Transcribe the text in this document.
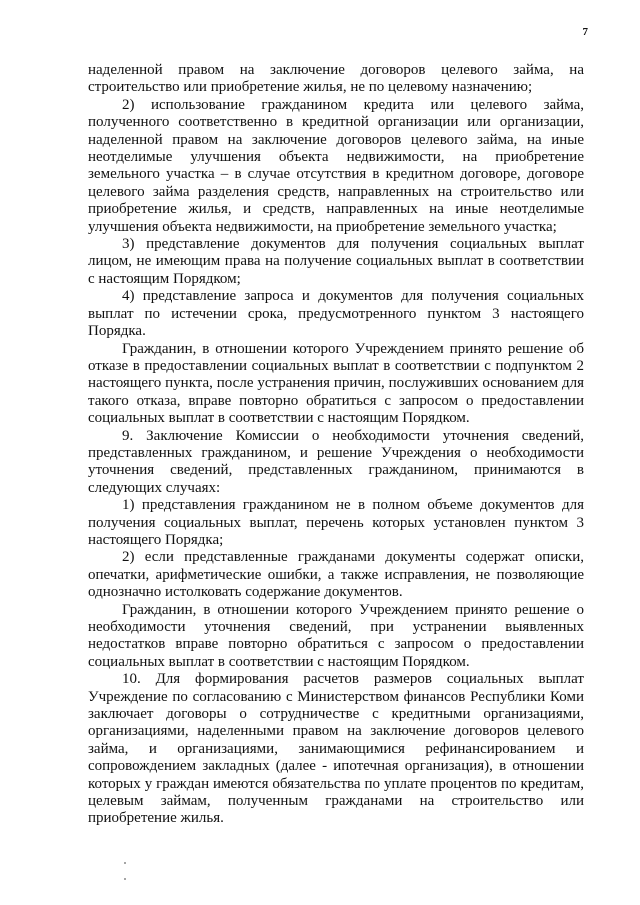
7

наделенной правом на заключение договоров целевого займа, на строительство или приобретение жилья, не по целевому назначению;

2) использование гражданином кредита или целевого займа, полученного соответственно в кредитной организации или организации, наделенной правом на заключение договоров целевого займа, на иные неотделимые улучшения объекта недвижимости, на приобретение земельного участка – в случае отсутствия в кредитном договоре, договоре целевого займа разделения средств, направленных на строительство или приобретение жилья, и средств, направленных на иные неотделимые улучшения объекта недвижимости, на приобретение земельного участка;

3) представление документов для получения социальных выплат лицом, не имеющим права на получение социальных выплат в соответствии с настоящим Порядком;

4) представление запроса и документов для получения социальных выплат по истечении срока, предусмотренного пунктом 3 настоящего Порядка.

Гражданин, в отношении которого Учреждением принято решение об отказе в предоставлении социальных выплат в соответствии с подпунктом 2 настоящего пункта, после устранения причин, послуживших основанием для такого отказа, вправе повторно обратиться с запросом о предоставлении социальных выплат в соответствии с настоящим Порядком.

9. Заключение Комиссии о необходимости уточнения сведений, представленных гражданином, и решение Учреждения о необходимости уточнения сведений, представленных гражданином, принимаются в следующих случаях:

1) представления гражданином не в полном объеме документов для получения социальных выплат, перечень которых установлен пунктом 3 настоящего Порядка;

2) если представленные гражданами документы содержат описки, опечатки, арифметические ошибки, а также исправления, не позволяющие однозначно истолковать содержание документов.

Гражданин, в отношении которого Учреждением принято решение о необходимости уточнения сведений, при устранении выявленных недостатков вправе повторно обратиться с запросом о предоставлении социальных выплат в соответствии с настоящим Порядком.

10. Для формирования расчетов размеров социальных выплат Учреждение по согласованию с Министерством финансов Республики Коми заключает договоры о сотрудничестве с кредитными организациями, организациями, наделенными правом на заключение договоров целевого займа, и организациями, занимающимися рефинансированием и сопровождением закладных (далее - ипотечная организация), в отношении которых у граждан имеются обязательства по уплате процентов по кредитам, целевым займам, полученным гражданами на строительство или приобретение жилья.
